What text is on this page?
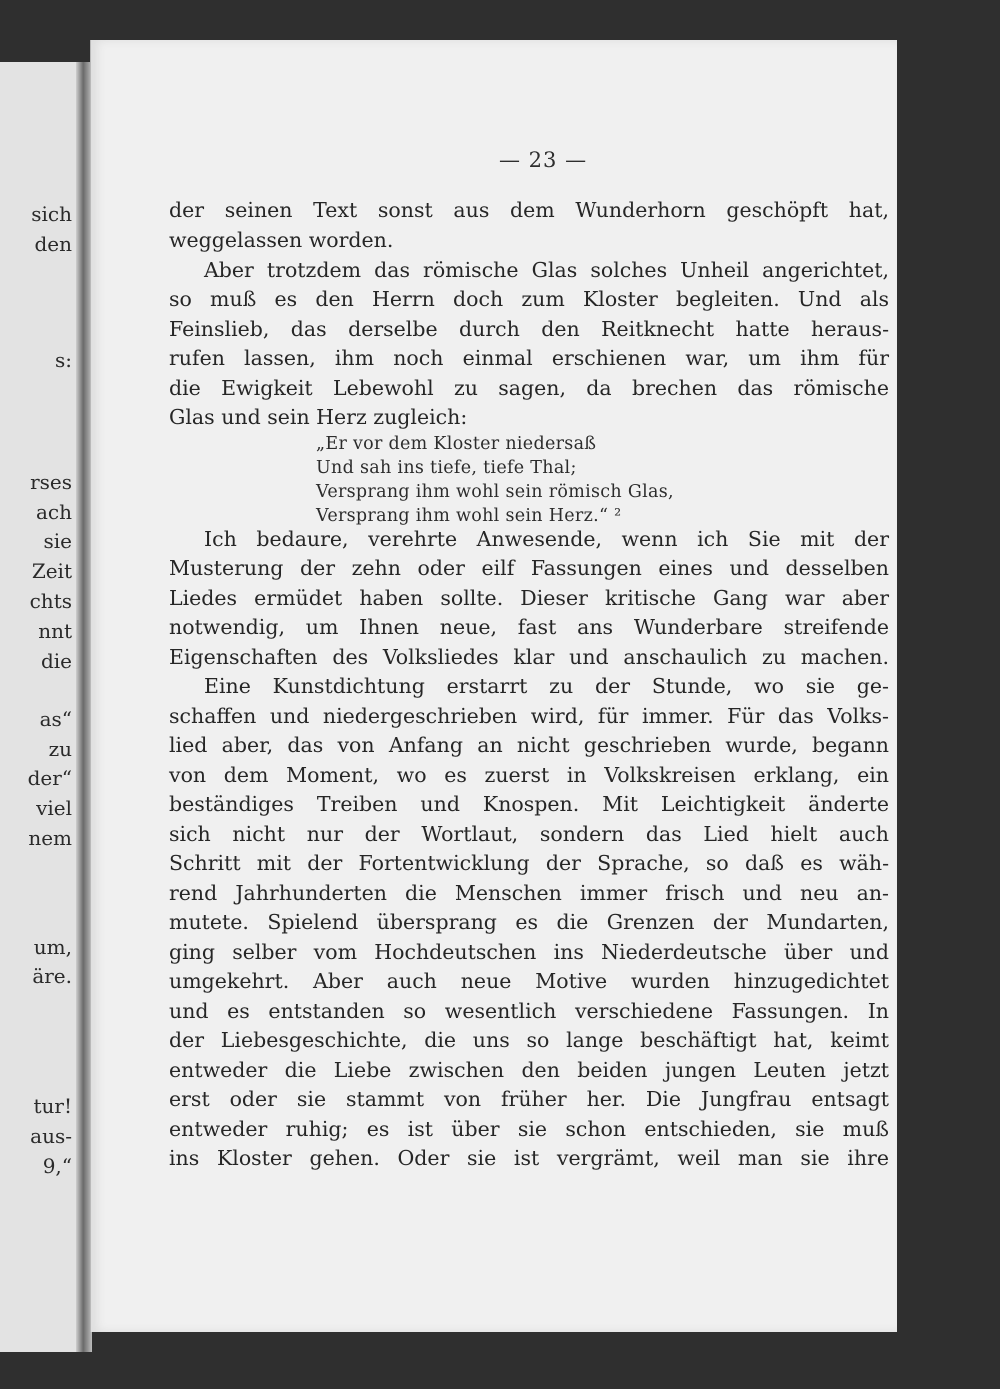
sich
den
s:
rses
ach
sie
Zeit
chts
nnt
die
as“
zu
der“
viel
nem
um,
äre.
tur!
aus-
9,“
— 23 —
der seinen Text sonst aus dem Wunderhorn geschöpft hat,
weggelassen worden.
Aber trotzdem das römische Glas solches Unheil angerichtet,
so muß es den Herrn doch zum Kloster begleiten. Und als
Feinslieb, das derselbe durch den Reitknecht hatte heraus-
rufen lassen, ihm noch einmal erschienen war, um ihm für
die Ewigkeit Lebewohl zu sagen, da brechen das römische
Glas und sein Herz zugleich:
„Er vor dem Kloster niedersaß
Und sah ins tiefe, tiefe Thal;
Versprang ihm wohl sein römisch Glas,
Versprang ihm wohl sein Herz.“ ²
Ich bedaure, verehrte Anwesende, wenn ich Sie mit der
Musterung der zehn oder eilf Fassungen eines und desselben
Liedes ermüdet haben sollte. Dieser kritische Gang war aber
notwendig, um Ihnen neue, fast ans Wunderbare streifende
Eigenschaften des Volksliedes klar und anschaulich zu machen.
Eine Kunstdichtung erstarrt zu der Stunde, wo sie ge-
schaffen und niedergeschrieben wird, für immer. Für das Volks-
lied aber, das von Anfang an nicht geschrieben wurde, begann
von dem Moment, wo es zuerst in Volkskreisen erklang, ein
beständiges Treiben und Knospen. Mit Leichtigkeit änderte
sich nicht nur der Wortlaut, sondern das Lied hielt auch
Schritt mit der Fortentwicklung der Sprache, so daß es wäh-
rend Jahrhunderten die Menschen immer frisch und neu an-
mutete. Spielend übersprang es die Grenzen der Mundarten,
ging selber vom Hochdeutschen ins Niederdeutsche über und
umgekehrt. Aber auch neue Motive wurden hinzugedichtet
und es entstanden so wesentlich verschiedene Fassungen. In
der Liebesgeschichte, die uns so lange beschäftigt hat, keimt
entweder die Liebe zwischen den beiden jungen Leuten jetzt
erst oder sie stammt von früher her. Die Jungfrau entsagt
entweder ruhig; es ist über sie schon entschieden, sie muß
ins Kloster gehen. Oder sie ist vergrämt, weil man sie ihre
